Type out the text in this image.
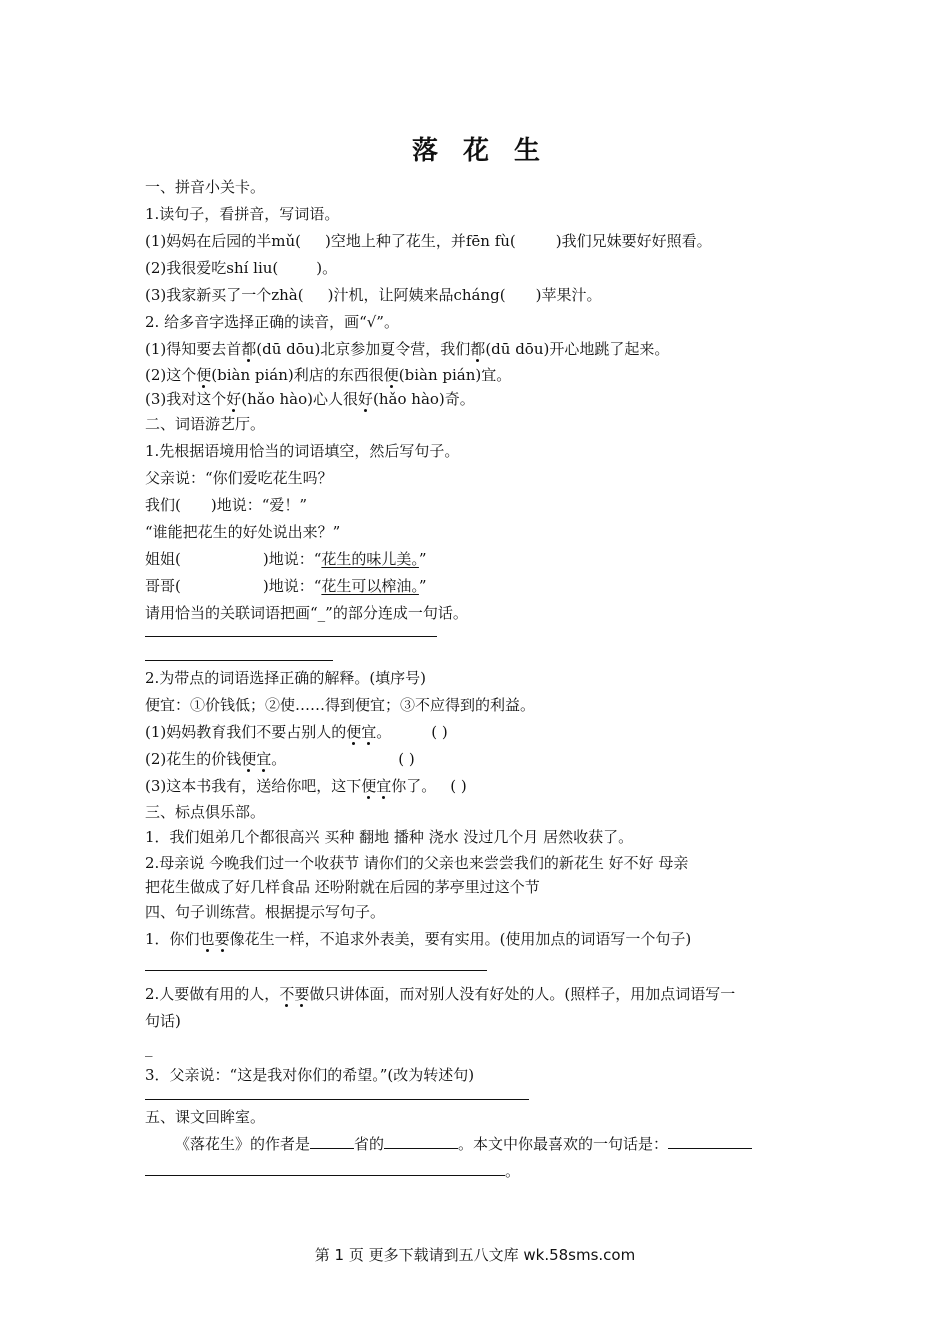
落 花 生
一、拼音小关卡。
1.读句子，看拼音，写词语。
(1)妈妈在后园的半mǔ( )空地上种了花生，并fēn fù(	)我们兄妹要好好照看。
(2)我很爱吃shí liu(	)。
(3)我家新买了一个zhà( )汁机，让阿姨来品cháng( )苹果汁。
2. 给多音字选择正确的读音，画“√”。
(1)得知要去首都(dū dōu)北京参加夏令营，我们都(dū dōu)开心地跳了起来。
(2)这个便(biàn pián)利店的东西很便(biàn pián)宜。
(3)我对这个好(hǎo hào)心人很好(hǎo hào)奇。
二、词语游艺厅。
1.先根据语境用恰当的词语填空，然后写句子。
父亲说：“你们爱吃花生吗？
我们( )地说：“爱！”
“谁能把花生的好处说出来？”
姐姐(	)地说：“花生的味儿美。”
哥哥(	)地说：“花生可以榨油。”
请用恰当的关联词语把画“_”的部分连成一句话。
2.为带点的词语选择正确的解释。(填序号)
便宜：①价钱低；②使……得到便宜；③不应得到的利益。
(1)妈妈教育我们不要占别人的便宜。	( )
(2)花生的价钱便宜。	( )
(3)这本书我有，送给你吧，这下便宜你了。 ( )
三、标点俱乐部。
1．我们姐弟几个都很高兴 买种 翻地 播种 浇水 没过几个月 居然收获了。
2.母亲说 今晚我们过一个收获节 请你们的父亲也来尝尝我们的新花生 好不好 母亲
把花生做成了好几样食品 还吩附就在后园的茅亭里过这个节
四、句子训练营。根据提示写句子。
1．你们也要像花生一样，不追求外表美，要有实用。(使用加点的词语写一个句子)
2.人要做有用的人，不要做只讲体面，而对别人没有好处的人。(照样子，用加点词语写一
句话)
_
3．父亲说：“这是我对你们的希望。”(改为转述句)
五、课文回眸室。
《落花生》的作者是	省的	。本文中你最喜欢的一句话是：
。
第 1 页 更多下载请到五八文库 wk.58sms.com
